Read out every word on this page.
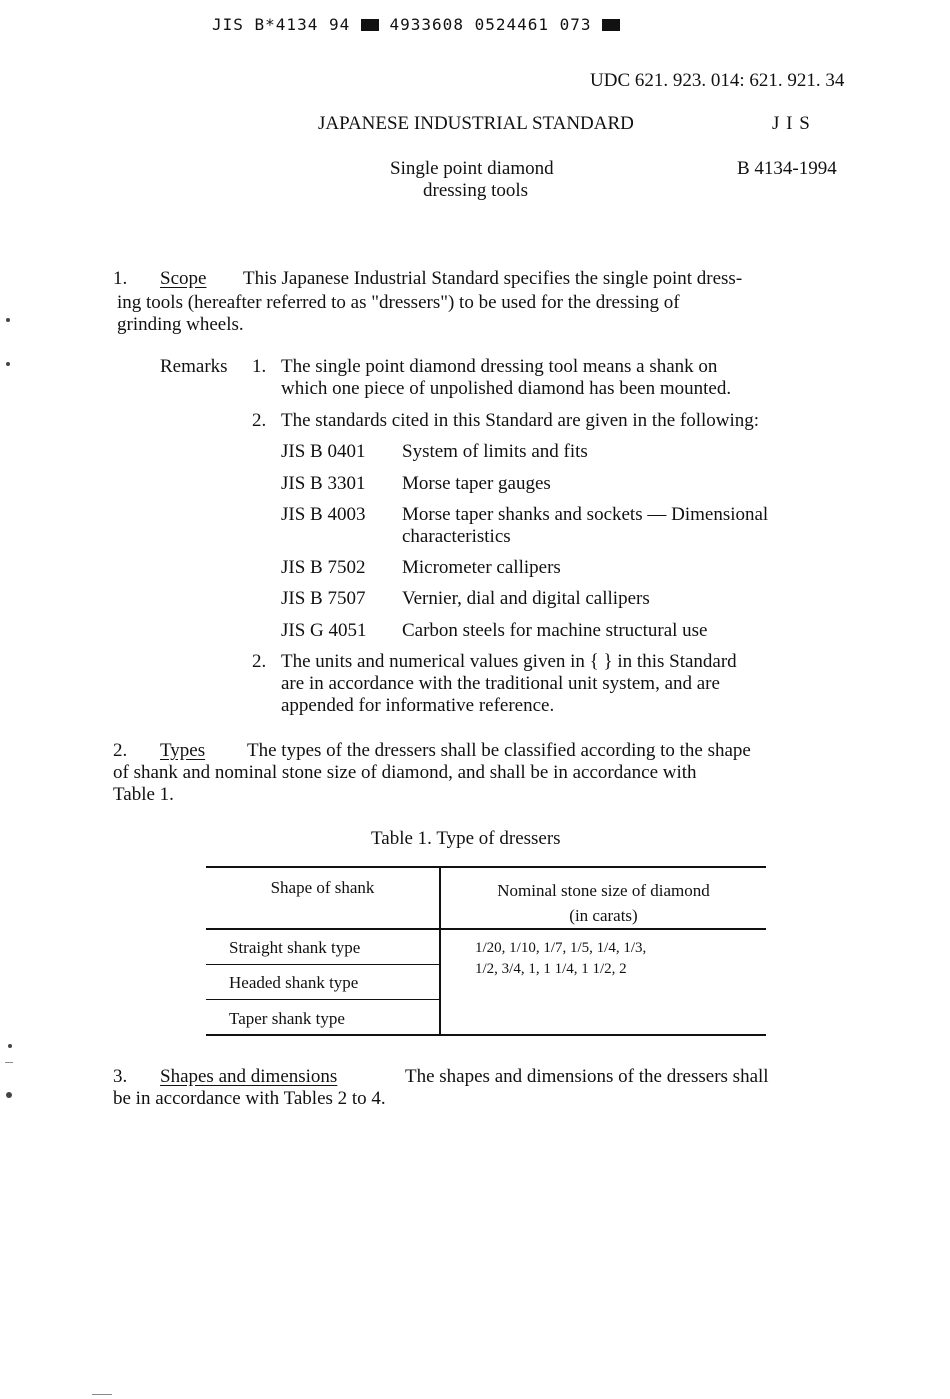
JIS B*4134 94 4933608 0524461 073
UDC 621. 923. 014: 621. 921. 34
JAPANESE INDUSTRIAL STANDARD	J I S
Single point diamond
dressing tools
B 4134-1994
1. Scope This Japanese Industrial Standard specifies the single point dress-
ing tools (hereafter referred to as "dressers") to be used for the dressing of
grinding wheels.
Remarks 1. The single point diamond dressing tool means a shank on
which one piece of unpolished diamond has been mounted.
2. The standards cited in this Standard are given in the following:
JIS B 0401 System of limits and fits
JIS B 3301 Morse taper gauges
JIS B 4003 Morse taper shanks and sockets — Dimensional characteristics
JIS B 7502 Micrometer callipers
JIS B 7507 Vernier, dial and digital callipers
JIS G 4051 Carbon steels for machine structural use
2. The units and numerical values given in { } in this Standard
are in accordance with the traditional unit system, and are
appended for informative reference.
2. Types The types of the dressers shall be classified according to the shape
of shank and nominal stone size of diamond, and shall be in accordance with
Table 1.
Table 1. Type of dressers
Shape of shank	Nominal stone size of diamond
(in carats)
Straight shank type	1/20, 1/10, 1/7, 1/5, 1/4, 1/3,
1/2, 3/4, 1, 1 1/4, 1 1/2, 2
Headed shank type	
Taper shank type	
3. Shapes and dimensions	The shapes and dimensions of the dressers shall
be in accordance with Tables 2 to 4.
